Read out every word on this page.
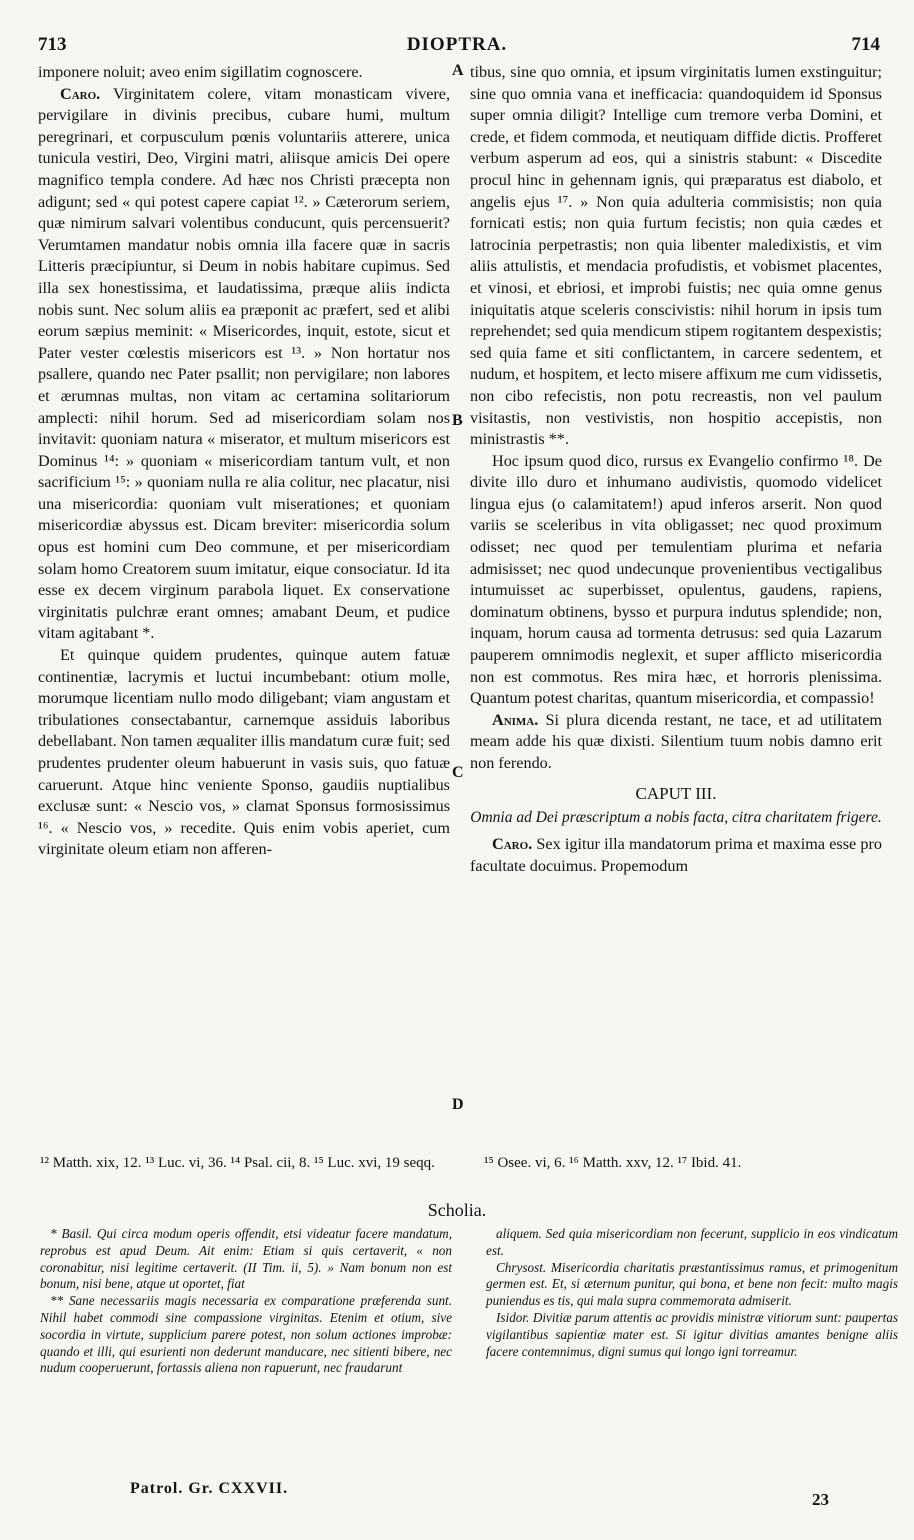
713	DIOPTRA.	714
A
B
C
D

imponere noluit; aveo enim sigillatim cognoscere.

Caro. Virginitatem colere, vitam monasticam vivere, pervigilare in divinis precibus, cubare humi, multum peregrinari, et corpusculum pœnis voluntariis atterere, unica tunicula vestiri, Deo, Virgini matri, aliisque amicis Dei opere magnifico templa condere. Ad hæc nos Christi præcepta non adigunt; sed « qui potest capere capiat ¹². » Cæterorum seriem, quæ nimirum salvari volentibus conducunt, quis percensuerit? Verumtamen mandatur nobis omnia illa facere quæ in sacris Litteris præcipiuntur, si Deum in nobis habitare cupimus. Sed illa sex honestissima, et laudatissima, præque aliis indicta nobis sunt. Nec solum aliis ea præponit ac præfert, sed et alibi eorum sæpius meminit: « Misericordes, inquit, estote, sicut et Pater vester cœlestis misericors est ¹³. » Non hortatur nos psallere, quando nec Pater psallit; non pervigilare; non labores et ærumnas multas, non vitam ac certamina solitariorum amplecti: nihil horum. Sed ad misericordiam solam nos invitavit: quoniam natura « miserator, et multum misericors est Dominus ¹⁴: » quoniam « misericordiam tantum vult, et non sacrificium ¹⁵: » quoniam nulla re alia colitur, nec placatur, nisi una misericordia: quoniam vult miserationes; et quoniam misericordiæ abyssus est. Dicam breviter: misericordia solum opus est homini cum Deo commune, et per misericordiam solam homo Creatorem suum imitatur, eique consociatur. Id ita esse ex decem virginum parabola liquet. Ex conservatione virginitatis pulchræ erant omnes; amabant Deum, et pudice vitam agitabant *.

Et quinque quidem prudentes, quinque autem fatuæ continentiæ, lacrymis et luctui incumbebant: otium molle, morumque licentiam nullo modo diligebant; viam angustam et tribulationes consectabantur, carnemque assiduis laboribus debellabant. Non tamen æqualiter illis mandatum curæ fuit; sed prudentes prudenter oleum habuerunt in vasis suis, quo fatuæ caruerunt. Atque hinc veniente Sponso, gaudiis nuptialibus exclusæ sunt: « Nescio vos, » clamat Sponsus formosissimus ¹⁶. « Nescio vos, » recedite. Quis enim vobis aperiet, cum virginitate oleum etiam non afferen-

tibus, sine quo omnia, et ipsum virginitatis lumen exstinguitur; sine quo omnia vana et inefficacia: quandoquidem id Sponsus super omnia diligit? Intellige cum tremore verba Domini, et crede, et fidem commoda, et neutiquam diffide dictis. Profferet verbum asperum ad eos, qui a sinistris stabunt: « Discedite procul hinc in gehennam ignis, qui præparatus est diabolo, et angelis ejus ¹⁷. » Non quia adulteria commisistis; non quia fornicati estis; non quia furtum fecistis; non quia cædes et latrocinia perpetrastis; non quia libenter maledixistis, et vim aliis attulistis, et mendacia profudistis, et vobismet placentes, et vinosi, et ebriosi, et improbi fuistis; nec quia omne genus iniquitatis atque sceleris conscivistis: nihil horum in ipsis tum reprehendet; sed quia mendicum stipem rogitantem despexistis; sed quia fame et siti conflictantem, in carcere sedentem, et nudum, et hospitem, et lecto misere affixum me cum vidissetis, non cibo refecistis, non potu recreastis, non vel paulum visitastis, non vestivistis, non hospitio accepistis, non ministrastis **.

Hoc ipsum quod dico, rursus ex Evangelio confirmo ¹⁸. De divite illo duro et inhumano audivistis, quomodo videlicet lingua ejus (o calamitatem!) apud inferos arserit. Non quod variis se sceleribus in vita obligasset; nec quod proximum odisset; nec quod per temulentiam plurima et nefaria admisisset; nec quod undecunque provenientibus vectigalibus intumuisset ac superbisset, opulentus, gaudens, rapiens, dominatum obtinens, bysso et purpura indutus splendide; non, inquam, horum causa ad tormenta detrusus: sed quia Lazarum pauperem omnimodis neglexit, et super afflicto misericordia non est commotus. Res mira hæc, et horroris plenissima. Quantum potest charitas, quantum misericordia, et compassio!

Anima. Si plura dicenda restant, ne tace, et ad utilitatem meam adde his quæ dixisti. Silentium tuum nobis damno erit non ferendo.

CAPUT III.
Omnia ad Dei præscriptum a nobis facta, citra charitatem frigere.

Caro. Sex igitur illa mandatorum prima et maxima esse pro facultate docuimus. Propemodum

¹² Matth. xix, 12. ¹³ Luc. vi, 36. ¹⁴ Psal. cii, 8. ¹⁵ Luc. xvi, 19 seqq.	¹⁵ Osee. vi, 6. ¹⁶ Matth. xxv, 12. ¹⁷ Ibid. 41.
Scholia.

* Basil. Qui circa modum operis offendit, etsi videatur facere mandatum, reprobus est apud Deum. Ait enim: Etiam si quis certaverit, « non coronabitur, nisi legitime certaverit. (II Tim. ii, 5). » Nam bonum non est bonum, nisi bene, atque ut oportet, fiat

** Sane necessariis magis necessaria ex comparatione præferenda sunt. Nihil habet commodi sine compassione virginitas. Etenim et otium, sive socordia in virtute, supplicium parere potest, non solum actiones improbæ: quando et illi, qui esurienti non dederunt manducare, nec sitienti bibere, nec nudum cooperuerunt, fortassis aliena non rapuerunt, nec fraudarunt

aliquem. Sed quia misericordiam non fecerunt, supplicio in eos vindicatum est.

Chrysost. Misericordia charitatis præstantissimus ramus, et primogenitum germen est. Et, si æternum punitur, qui bona, et bene non fecit: multo magis puniendus es tis, qui mala supra commemorata admiserit.

Isidor. Divitiæ parum attentis ac providis ministræ vitiorum sunt: paupertas vigilantibus sapientiæ mater est. Si igitur divitias amantes benigne aliis facere contemnimus, digni sumus qui longo igni torreamur.

Patrol. Gr. CXXVII.
23
